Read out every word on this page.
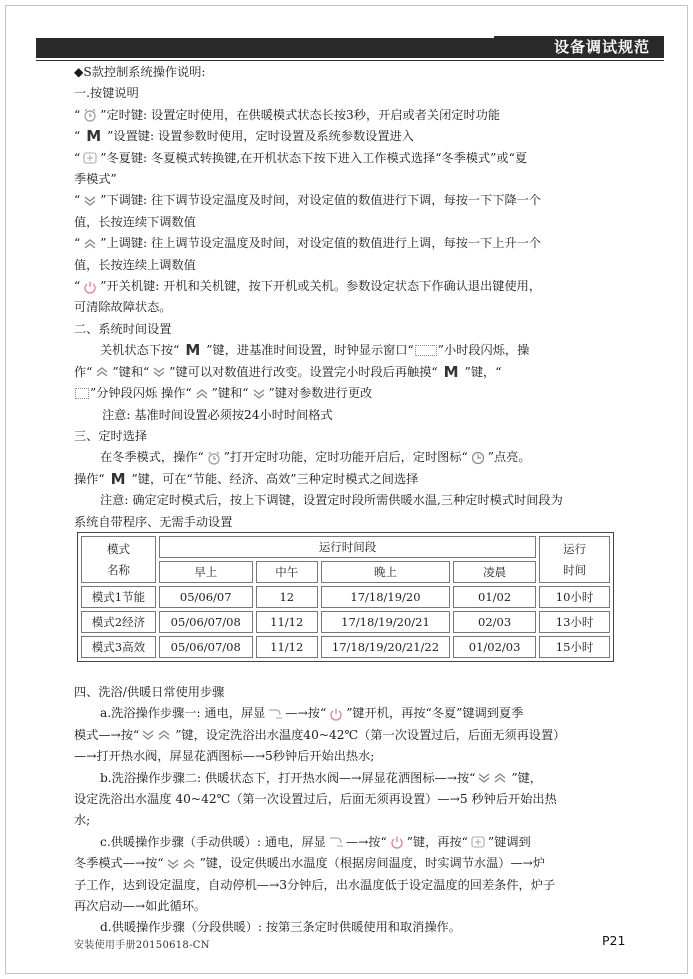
设备调试规范
◆S款控制系统操作说明:
一.按键说明
“ ”定时键: 设置定时使用，在供暖模式状态长按3秒，开启或者关闭定时功能
“ M ”设置键: 设置参数时使用，定时设置及系统参数设置进入
“ ”冬夏键: 冬夏模式转换键,在开机状态下按下进入工作模式选择“冬季模式”或“夏
季模式”
“ ”下调键: 往下调节设定温度及时间，对设定值的数值进行下调，每按一下下降一个
值，长按连续下调数值
“ ”上调键: 往上调节设定温度及时间，对设定值的数值进行上调，每按一下上升一个
值，长按连续上调数值
“ ”开关机键: 开机和关机键，按下开机或关机。参数设定状态下作确认退出键使用，
可清除故障状态。
二、系统时间设置
关机状态下按“ M ”键，进基准时间设置，时钟显示窗口“ ”小时段闪烁，操
作“ ”键和“ ”键可以对数值进行改变。设置完小时段后再触摸“ M ”键，“
”分钟段闪烁 操作“ ”键和“ ”键对参数进行更改
注意: 基准时间设置必须按24小时时间格式
三、定时选择
在冬季模式，操作“ ”打开定时功能，定时功能开启后，定时图标“ ”点亮。
操作“ M ”键，可在“节能、经济、高效”三种定时模式之间选择
注意: 确定定时模式后，按上下调键，设置定时段所需供暖水温,三种定时模式时间段为
系统自带程序、无需手动设置
模式
名称	运行时间段				运行
时间
	早上	中午	晚上	凌晨	
模式1节能	05/06/07	12	17/18/19/20	01/02	10小时
模式2经济	05/06/07/08	11/12	17/18/19/20/21	02/03	13小时
模式3高效	05/06/07/08	11/12	17/18/19/20/21/22	01/02/03	15小时
四、洗浴/供暖日常使用步骤
a.洗浴操作步骤一: 通电，屏显 —→按“ ”键开机，再按“冬夏”键调到夏季
模式—→按“	”键，设定洗浴出水温度40~42℃（第一次设置过后，后面无须再设置）
—→打开热水阀，屏显花洒图标—→5秒钟后开始出热水;
b.洗浴操作步骤二: 供暖状态下，打开热水阀—→屏显花洒图标—→按“	”键，
设定洗浴出水温度 40~42℃（第一次设置过后，后面无须再设置）—→5 秒钟后开始出热
水;
c.供暖操作步骤（手动供暖）: 通电，屏显 —→按“ ”键，再按“ ”键调到
冬季模式—→按“	”键，设定供暖出水温度（根据房间温度，时实调节水温）—→炉
子工作，达到设定温度，自动停机—→3分钟后，出水温度低于设定温度的回差条件，炉子
再次启动—→如此循环。
d.供暖操作步骤（分段供暖）: 按第三条定时供暖使用和取消操作。
安装使用手册20150618-CN	P21
